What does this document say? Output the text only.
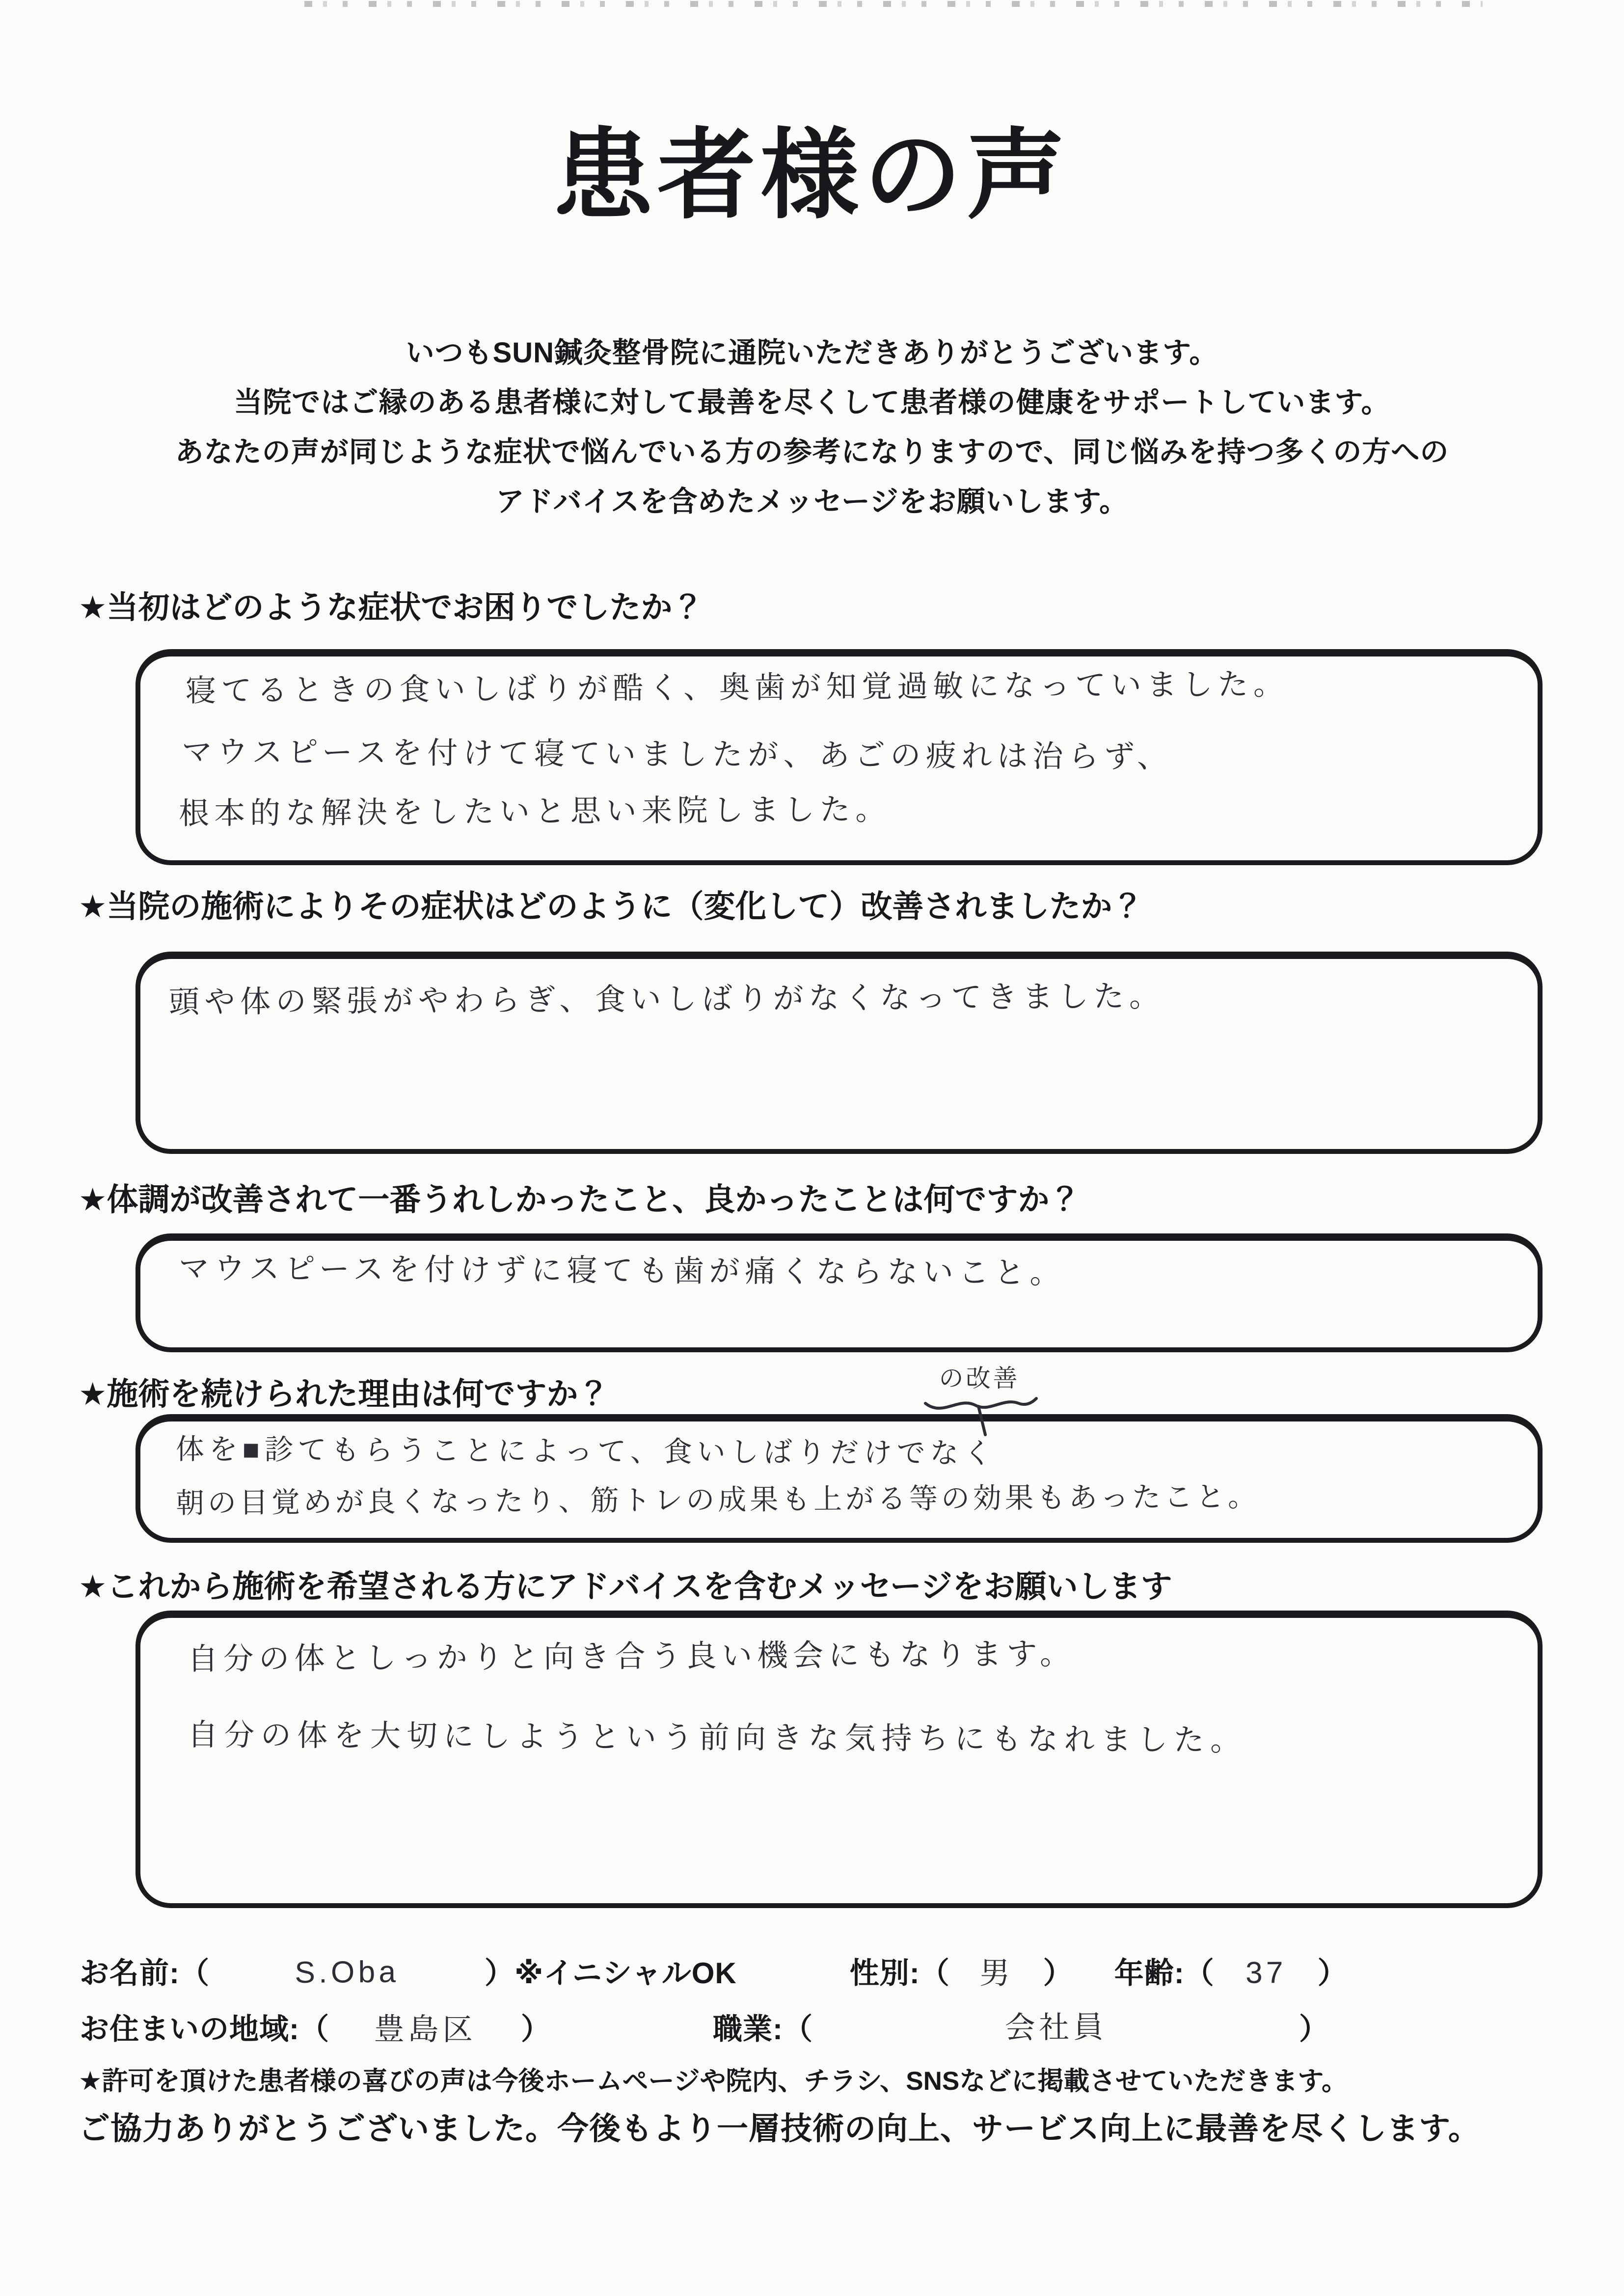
患者様の声
いつもSUN鍼灸整骨院に通院いただきありがとうございます。
当院ではご縁のある患者様に対して最善を尽くして患者様の健康をサポートしています。
あなたの声が同じような症状で悩んでいる方の参考になりますので、同じ悩みを持つ多くの方への
アドバイスを含めたメッセージをお願いします。
★当初はどのような症状でお困りでしたか？
寝てるときの食いしばりが酷く、奥歯が知覚過敏になっていました。
マウスピースを付けて寝ていましたが、あごの疲れは治らず、
根本的な解決をしたいと思い来院しました。
★当院の施術によりその症状はどのように（変化して）改善されましたか？
頭や体の緊張がやわらぎ、食いしばりがなくなってきました。
★体調が改善されて一番うれしかったこと、良かったことは何ですか？
マウスピースを付けずに寝ても歯が痛くならないこと。
★施術を続けられた理由は何ですか？	の改善
体を■診てもらうことによって、食いしばりだけでなく
朝の目覚めが良くなったり、筋トレの成果も上がる等の効果もあったこと。
★これから施術を希望される方にアドバイスを含むメッセージをお願いします
自分の体としっかりと向き合う良い機会にもなります。
自分の体を大切にしようという前向きな気持ちにもなれました。
お名前:（	S.Oba	）※イニシャルOK	性別:（ 男	） 年齢:（	37	）
お住まいの地域:（	豊島区	）	職業:（	会社員	）
★許可を頂けた患者様の喜びの声は今後ホームページや院内、チラシ、SNSなどに掲載させていただきます。
ご協力ありがとうございました。今後もより一層技術の向上、サービス向上に最善を尽くします。
